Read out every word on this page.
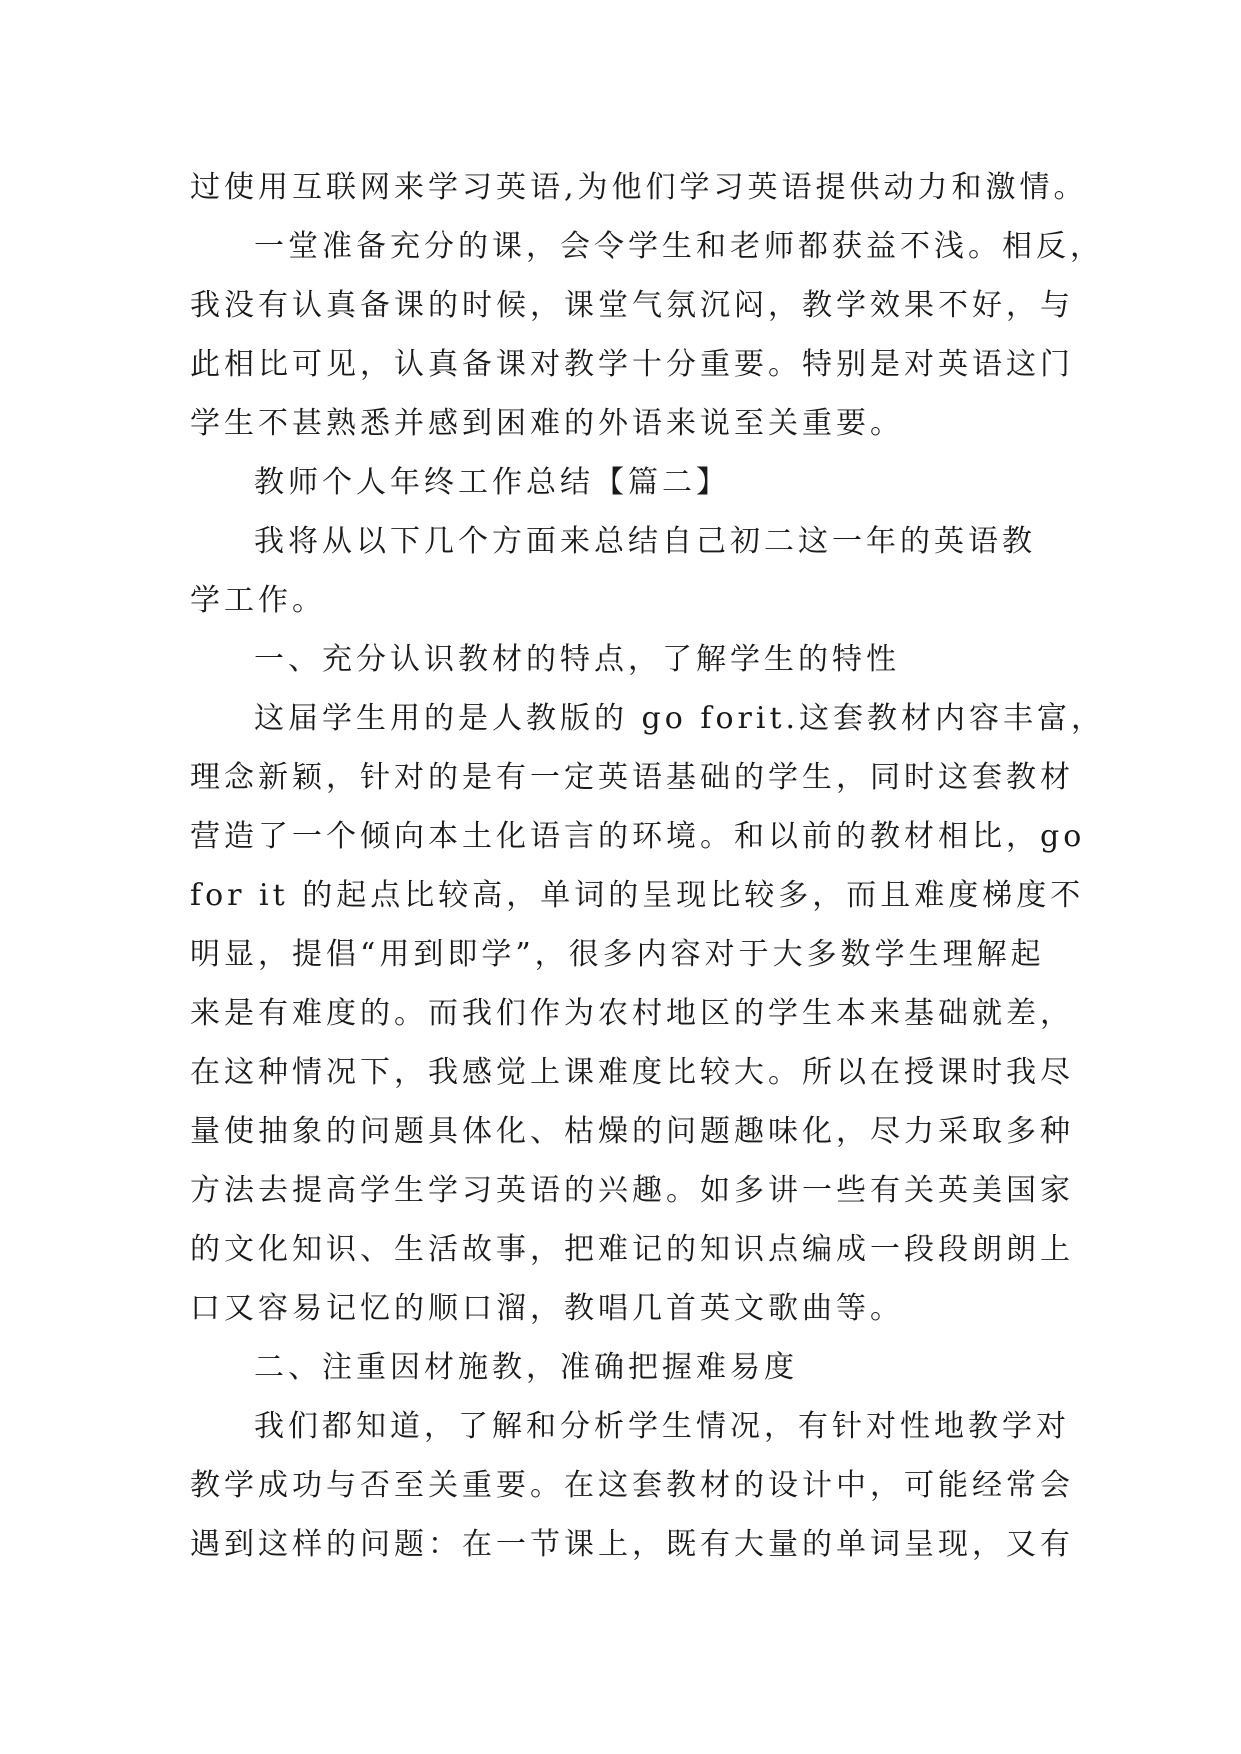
过使用互联网来学习英语,为他们学习英语提供动力和激情。
一堂准备充分的课，会令学生和老师都获益不浅。相反，
我没有认真备课的时候，课堂气氛沉闷，教学效果不好，与
此相比可见，认真备课对教学十分重要。特别是对英语这门
学生不甚熟悉并感到困难的外语来说至关重要。
教师个人年终工作总结【篇二】
我将从以下几个方面来总结自己初二这一年的英语教
学工作。
一、充分认识教材的特点，了解学生的特性
这届学生用的是人教版的 go forit.这套教材内容丰富，
理念新颖，针对的是有一定英语基础的学生，同时这套教材
营造了一个倾向本土化语言的环境。和以前的教材相比，go
for it 的起点比较高，单词的呈现比较多，而且难度梯度不
明显，提倡“用到即学”，很多内容对于大多数学生理解起
来是有难度的。而我们作为农村地区的学生本来基础就差，
在这种情况下，我感觉上课难度比较大。所以在授课时我尽
量使抽象的问题具体化、枯燥的问题趣味化，尽力采取多种
方法去提高学生学习英语的兴趣。如多讲一些有关英美国家
的文化知识、生活故事，把难记的知识点编成一段段朗朗上
口又容易记忆的顺口溜，教唱几首英文歌曲等。
二、注重因材施教，准确把握难易度
我们都知道，了解和分析学生情况，有针对性地教学对
教学成功与否至关重要。在这套教材的设计中，可能经常会
遇到这样的问题：在一节课上，既有大量的单词呈现，又有
